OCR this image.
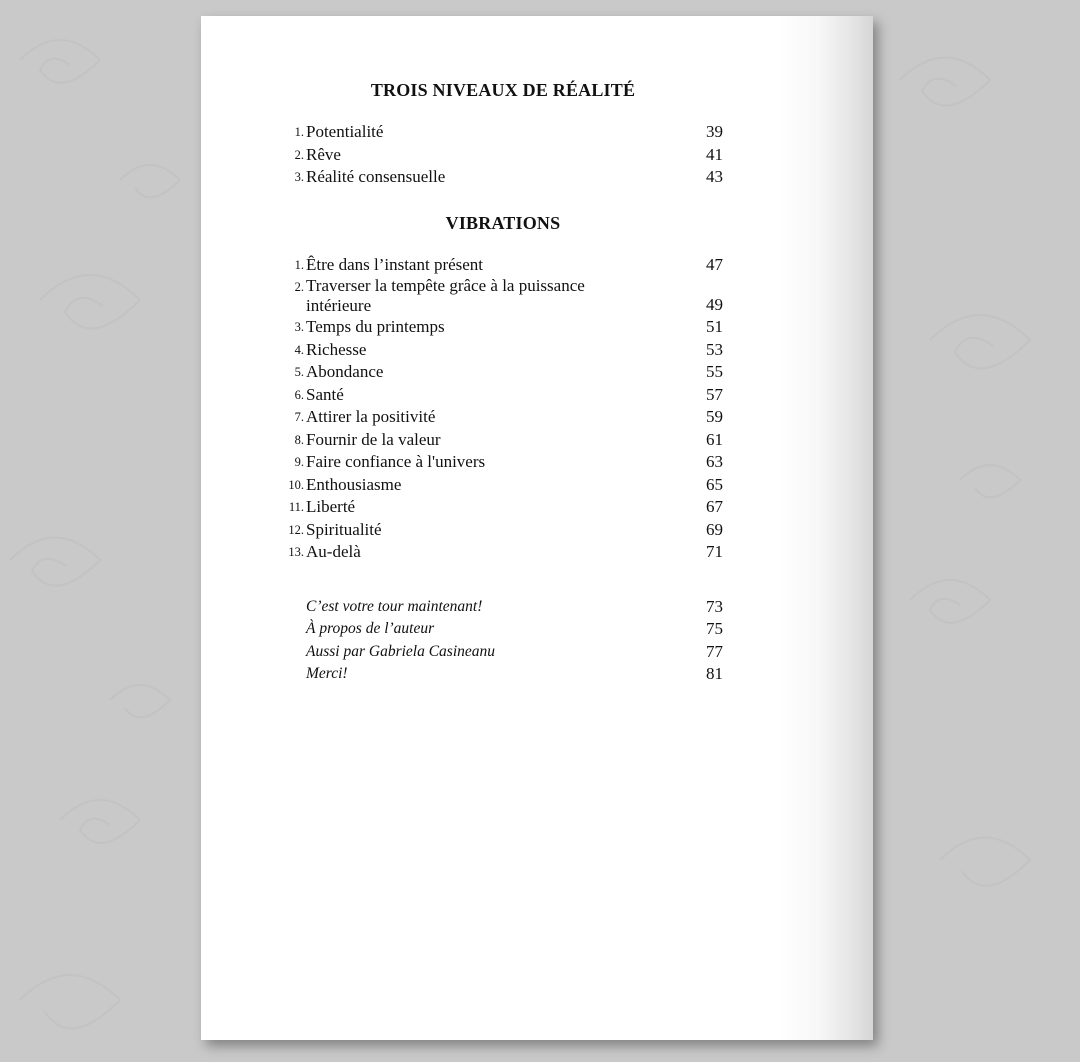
TROIS NIVEAUX DE RÉALITÉ
1. Potentialité	39
2. Rêve	41
3. Réalité consensuelle	43
VIBRATIONS
1. Être dans l’instant présent	47
2. Traverser la tempête grâce à la puissance
intérieure	49
3. Temps du printemps	51
4. Richesse	53
5. Abondance	55
6. Santé	57
7. Attirer la positivité	59
8. Fournir de la valeur	61
9. Faire confiance à l'univers	63
10. Enthousiasme	65
11. Liberté	67
12. Spiritualité	69
13. Au-delà	71
C’est votre tour maintenant!	73
À propos de l’auteur	75
Aussi par Gabriela Casineanu	77
Merci!	81
